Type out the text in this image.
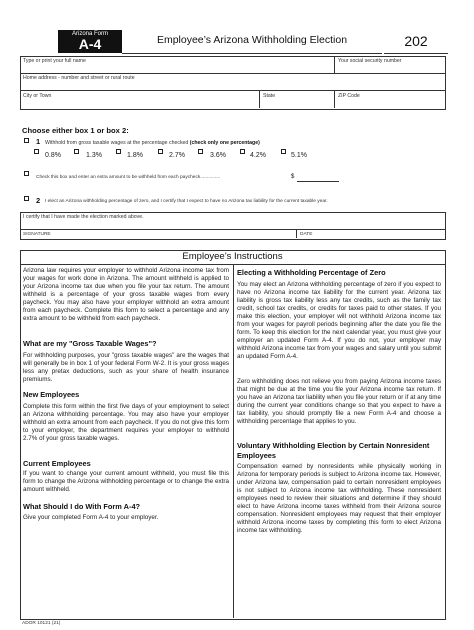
Arizona Form
A-4	Employee’s Arizona Withholding Election	202
Type or print your full name	Your social security number
Home address - number and street or rural route
City or Town	State	ZIP Code
Choose either box 1 or box 2:
1 Withhold from gross taxable wages at the percentage checked (check only one percentage)
0.8%	1.3%	1.8%	2.7%	3.6%	4.2%	5.1%
Check this box and enter an extra amount to be withheld from each paycheck...............	$
2 I elect an Arizona withholding percentage of zero, and I certify that I expect to have no Arizona tax liability for the current taxable year.
I certify that I have made the election marked above.
SIGNATURE	DATE
Employee’s Instructions
Arizona law requires your employer to withhold Arizona income tax from your wages for work done in Arizona. The amount withheld is applied to your Arizona income tax due when you file your tax return. The amount withheld is a percentage of your gross taxable wages from every paycheck. You may also have your employer withhold an extra amount from each paycheck. Complete this form to select a percentage and any extra amount to be withheld from each paycheck.
What are my "Gross Taxable Wages"?
For withholding purposes, your "gross taxable wages" are the wages that will generally be in box 1 of your federal Form W-2. It is your gross wages less any pretax deductions, such as your share of health insurance premiums.
New Employees
Complete this form within the first five days of your employment to select an Arizona withholding percentage. You may also have your employer withhold an extra amount from each paycheck. If you do not give this form to your employer, the department requires your employer to withhold 2.7% of your gross taxable wages.
Current Employees
If you want to change your current amount withheld, you must file this form to change the Arizona withholding percentage or to change the extra amount withheld.
What Should I do With Form A-4?
Give your completed Form A-4 to your employer.
Electing a Withholding Percentage of Zero
You may elect an Arizona withholding percentage of zero if you expect to have no Arizona income tax liability for the current year. Arizona tax liability is gross tax liability less any tax credits, such as the family tax credit, school tax credits, or credits for taxes paid to other states. If you make this election, your employer will not withhold Arizona income tax from your wages for payroll periods beginning after the date you file the form. To keep this election for the next calendar year, you must give your employer an updated Form A-4. If you do not, your employer may withhold Arizona income tax from your wages and salary until you submit an updated Form A-4.
Zero withholding does not relieve you from paying Arizona income taxes that might be due at the time you file your Arizona income tax return. If you have an Arizona tax liability when you file your return or if at any time during the current year conditions change so that you expect to have a tax liability, you should promptly file a new Form A-4 and choose a withholding percentage that applies to you.
Voluntary Withholding Election by Certain Nonresident Employees
Compensation earned by nonresidents while physically working in Arizona for temporary periods is subject to Arizona income tax. However, under Arizona law, compensation paid to certain nonresident employees is not subject to Arizona income tax withholding. These nonresident employees need to review their situations and determine if they should elect to have Arizona income taxes withheld from their Arizona source compensation. Nonresident employees may request that their employer withhold Arizona income taxes by completing this form to elect Arizona income tax withholding.
ADOR 10121 (21)
